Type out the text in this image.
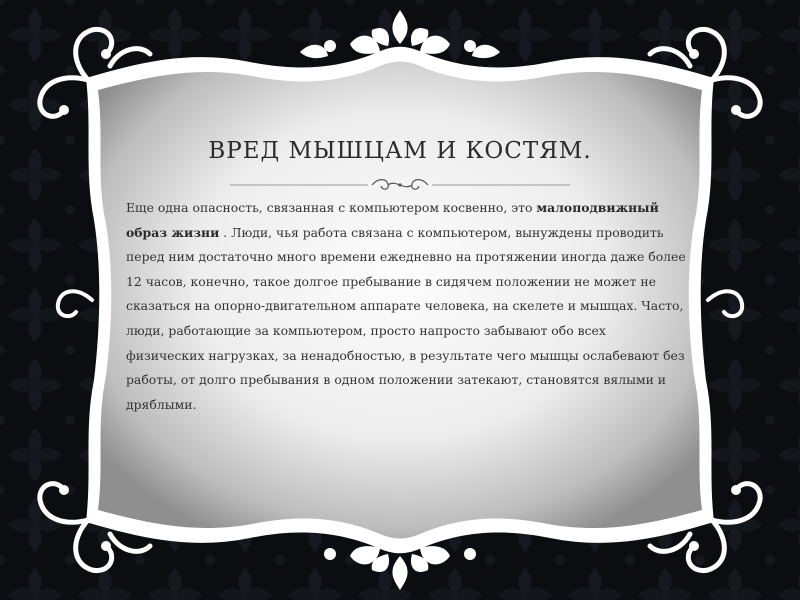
ВРЕД МЫШЦАМ И КОСТЯМ.

Еще одна опасность, связанная с компьютером косвенно, это малоподвижный образ жизни . Люди, чья работа связана с компьютером, вынуждены проводить перед ним достаточно много времени ежедневно на протяжении иногда даже более 12 часов, конечно, такое долгое пребывание в сидячем положении не может не сказаться на опорно-двигательном аппарате человека, на скелете и мышцах. Часто, люди, работающие за компьютером, просто напросто забывают обо всех физических нагрузках, за ненадобностью, в результате чего мышцы ослабевают без работы, от долго пребывания в одном положении затекают, становятся вялыми и дряблыми.
